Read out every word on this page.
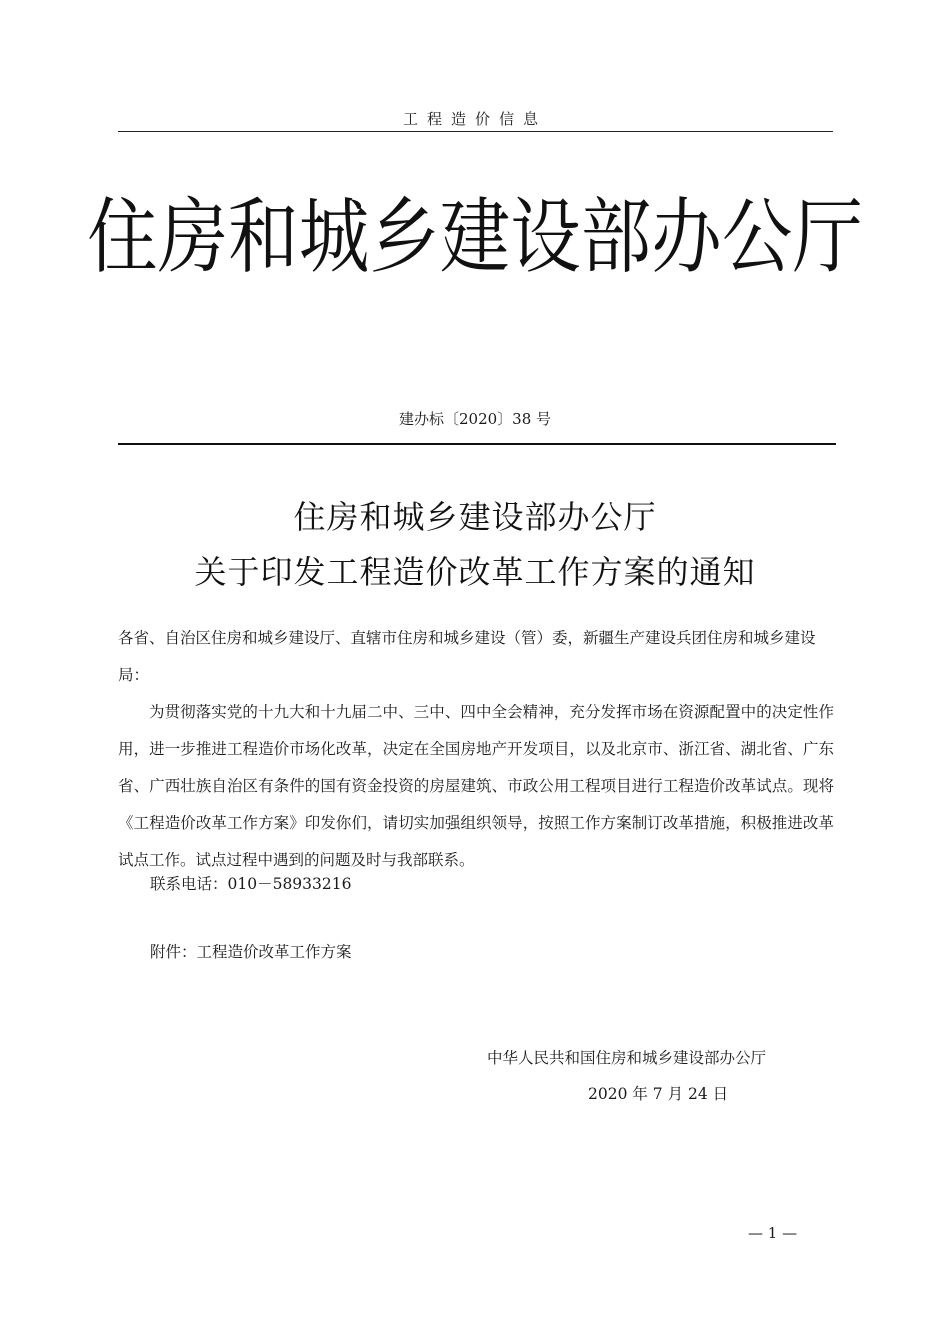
工程造价信息
住房和城乡建设部办公厅
建办标〔2020〕38 号
住房和城乡建设部办公厅
关于印发工程造价改革工作方案的通知
各省、自治区住房和城乡建设厅、直辖市住房和城乡建设（管）委，新疆生产建设兵团住房和城乡建设局：
为贯彻落实党的十九大和十九届二中、三中、四中全会精神，充分发挥市场在资源配置中的决定性作用，进一步推进工程造价市场化改革，决定在全国房地产开发项目，以及北京市、浙江省、湖北省、广东省、广西壮族自治区有条件的国有资金投资的房屋建筑、市政公用工程项目进行工程造价改革试点。现将《工程造价改革工作方案》印发你们，请切实加强组织领导，按照工作方案制订改革措施，积极推进改革试点工作。试点过程中遇到的问题及时与我部联系。
联系电话：010－58933216
附件：工程造价改革工作方案
中华人民共和国住房和城乡建设部办公厅
2020 年 7 月 24 日
— 1 —
